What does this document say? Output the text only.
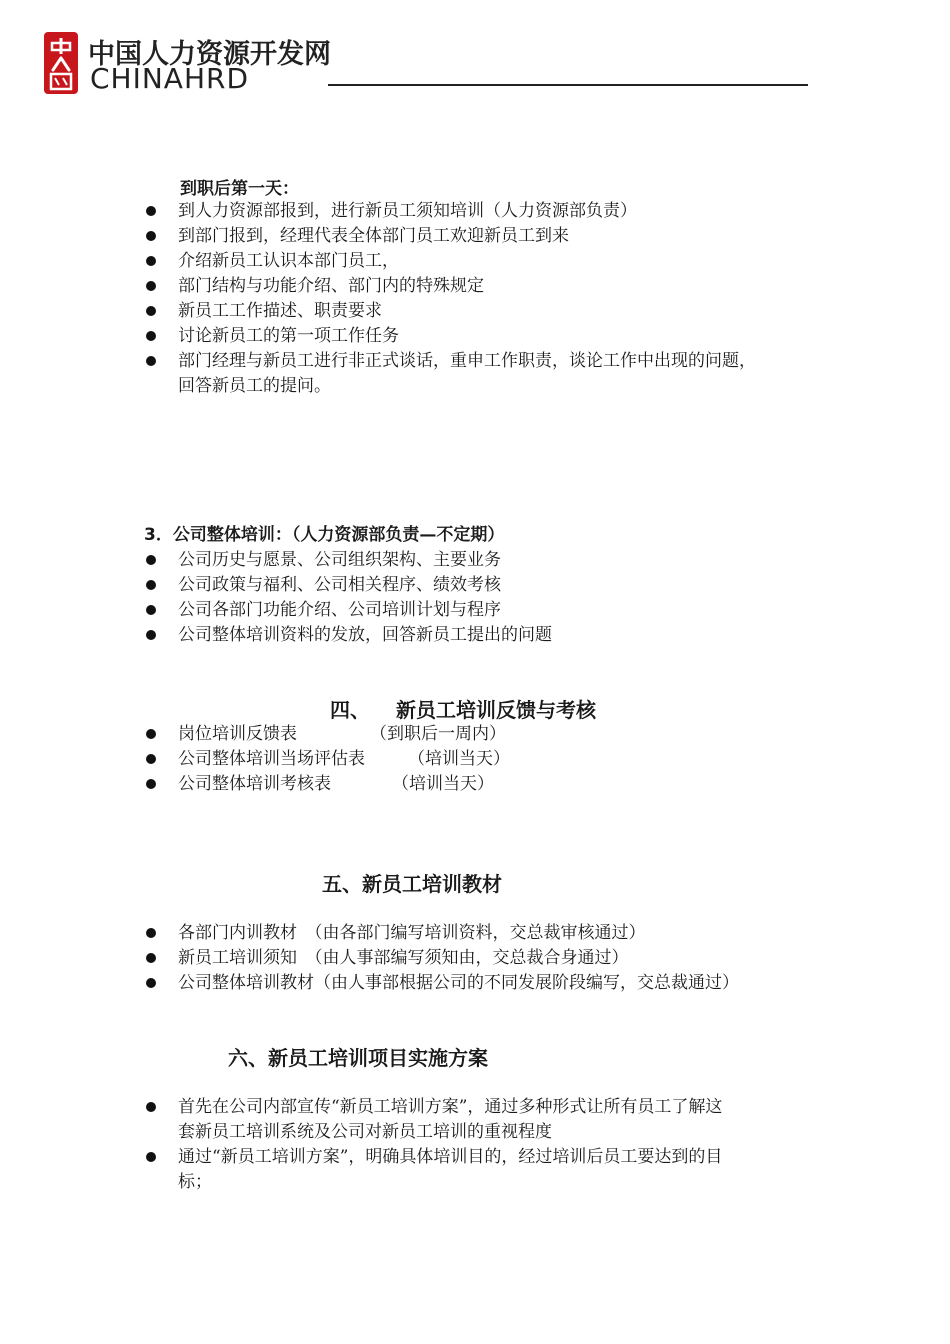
中国人力资源开发网
CHINAHRD
到职后第一天：
到人力资源部报到，进行新员工须知培训（人力资源部负责）
到部门报到，经理代表全体部门员工欢迎新员工到来
介绍新员工认识本部门员工，
部门结构与功能介绍、部门内的特殊规定
新员工工作描述、职责要求
讨论新员工的第一项工作任务
部门经理与新员工进行非正式谈话，重申工作职责，谈论工作中出现的问题，
回答新员工的提问。
3．公司整体培训：（人力资源部负责—不定期）
公司历史与愿景、公司组织架构、主要业务
公司政策与福利、公司相关程序、绩效考核
公司各部门功能介绍、公司培训计划与程序
公司整体培训资料的发放，回答新员工提出的问题
四、 新员工培训反馈与考核
岗位培训反馈表	（到职后一周内）
公司整体培训当场评估表	（培训当天）
公司整体培训考核表	（培训当天）
五、新员工培训教材
各部门内训教材　（由各部门编写培训资料，交总裁审核通过）
新员工培训须知　（由人事部编写须知由，交总裁合身通过）
公司整体培训教材（由人事部根据公司的不同发展阶段编写，交总裁通过）
六、新员工培训项目实施方案
首先在公司内部宣传“新员工培训方案”，通过多种形式让所有员工了解这
套新员工培训系统及公司对新员工培训的重视程度
通过“新员工培训方案”，明确具体培训目的，经过培训后员工要达到的目
标；
